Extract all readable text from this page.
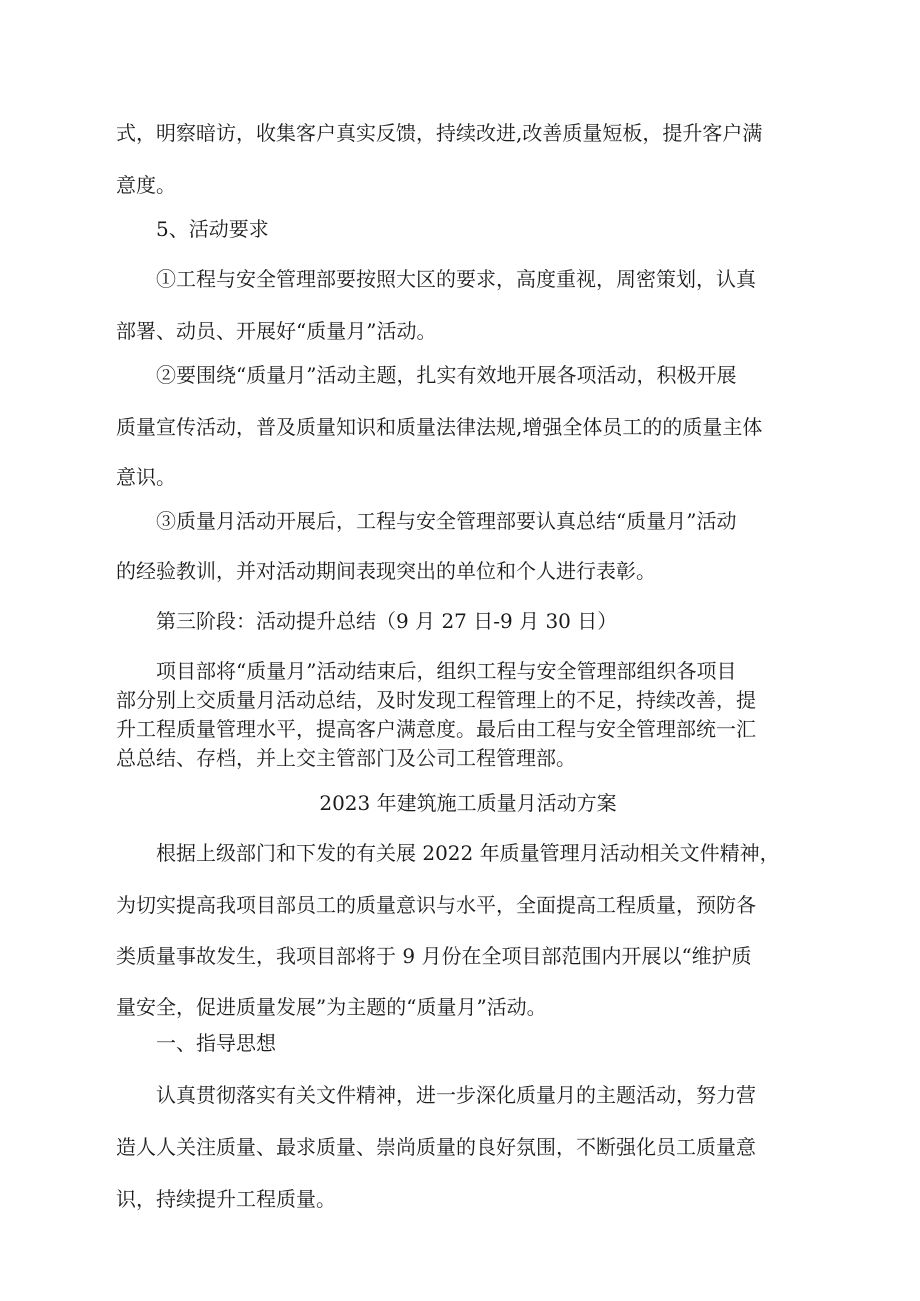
式，明察暗访，收集客户真实反馈，持续改进,改善质量短板，提升客户满
意度。
5、活动要求
①工程与安全管理部要按照大区的要求，高度重视，周密策划，认真
部署、动员、开展好“质量月”活动。
②要围绕“质量月”活动主题，扎实有效地开展各项活动，积极开展
质量宣传活动，普及质量知识和质量法律法规,增强全体员工的的质量主体
意识。
③质量月活动开展后，工程与安全管理部要认真总结“质量月”活动
的经验教训，并对活动期间表现突出的单位和个人进行表彰。
第三阶段：活动提升总结（9 月 27 日-9 月 30 日）
项目部将“质量月”活动结束后，组织工程与安全管理部组织各项目
部分别上交质量月活动总结，及时发现工程管理上的不足，持续改善，提
升工程质量管理水平，提高客户满意度。最后由工程与安全管理部统一汇
总总结、存档，并上交主管部门及公司工程管理部。
2023 年建筑施工质量月活动方案
根据上级部门和下发的有关展 2022 年质量管理月活动相关文件精神，
为切实提高我项目部员工的质量意识与水平，全面提高工程质量，预防各
类质量事故发生，我项目部将于 9 月份在全项目部范围内开展以“维护质
量安全，促进质量发展”为主题的“质量月”活动。
一、指导思想
认真贯彻落实有关文件精神，进一步深化质量月的主题活动，努力营
造人人关注质量、最求质量、崇尚质量的良好氛围，不断强化员工质量意
识，持续提升工程质量。
